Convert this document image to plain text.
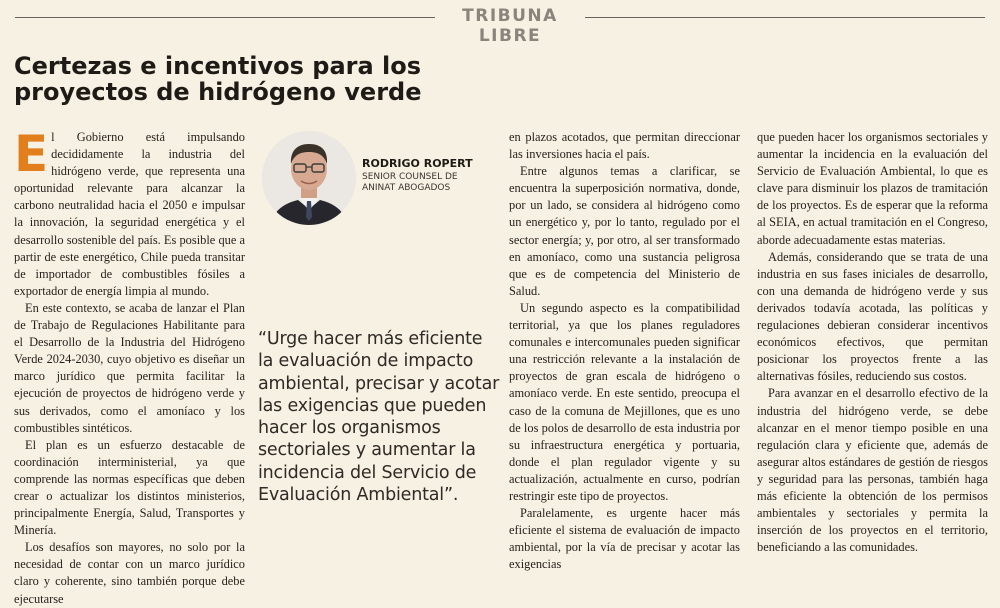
TRIBUNA LIBRE
Certezas e incentivos para los proyectos de hidrógeno verde

El Gobierno está impulsando decididamente la industria del hidrógeno verde, que representa una oportunidad relevante para alcanzar la carbono neutralidad hacia el 2050 e impulsar la innovación, la seguridad energética y el desarrollo sostenible del país. Es posible que a partir de este energético, Chile pueda transitar de importador de combustibles fósiles a exportador de energía limpia al mundo.

En este contexto, se acaba de lanzar el Plan de Trabajo de Regulaciones Habilitante para el Desarrollo de la Industria del Hidrógeno Verde 2024-2030, cuyo objetivo es diseñar un marco jurídico que permita facilitar la ejecución de proyectos de hidrógeno verde y sus derivados, como el amoníaco y los combustibles sintéticos.

El plan es un esfuerzo destacable de coordinación interministerial, ya que comprende las normas específicas que deben crear o actualizar los distintos ministerios, principalmente Energía, Salud, Transportes y Minería.

Los desafíos son mayores, no solo por la necesidad de contar con un marco jurídico claro y coherente, sino también porque debe ejecutarse

RODRIGO ROPERT
SENIOR COUNSEL DE ANINAT ABOGADOS
“Urge hacer más eficiente
la evaluación de impacto
ambiental, precisar y acotar
las exigencias que pueden
hacer los organismos
sectoriales y aumentar la
incidencia del Servicio de
Evaluación Ambiental”.

en plazos acotados, que permitan direccionar las inversiones hacia el país.

Entre algunos temas a clarificar, se encuentra la superposición normativa, donde, por un lado, se considera al hidrógeno como un energético y, por lo tanto, regulado por el sector energía; y, por otro, al ser transformado en amoníaco, como una sustancia peligrosa que es de competencia del Ministerio de Salud.

Un segundo aspecto es la compatibilidad territorial, ya que los planes reguladores comunales e intercomunales pueden significar una restricción relevante a la instalación de proyectos de gran escala de hidrógeno o amoníaco verde. En este sentido, preocupa el caso de la comuna de Mejillones, que es uno de los polos de desarrollo de esta industria por su infraestructura energética y portuaria, donde el plan regulador vigente y su actualización, actualmente en curso, podrían restringir este tipo de proyectos.

Paralelamente, es urgente hacer más eficiente el sistema de evaluación de impacto ambiental, por la vía de precisar y acotar las exigencias

que pueden hacer los organismos sectoriales y aumentar la incidencia en la evaluación del Servicio de Evaluación Ambiental, lo que es clave para disminuir los plazos de tramitación de los proyectos. Es de esperar que la reforma al SEIA, en actual tramitación en el Congreso, aborde adecuadamente estas materias.

Además, considerando que se trata de una industria en sus fases iniciales de desarrollo, con una demanda de hidrógeno verde y sus derivados todavía acotada, las políticas y regulaciones debieran considerar incentivos económicos efectivos, que permitan posicionar los proyectos frente a las alternativas fósiles, reduciendo sus costos.

Para avanzar en el desarrollo efectivo de la industria del hidrógeno verde, se debe alcanzar en el menor tiempo posible en una regulación clara y eficiente que, además de asegurar altos estándares de gestión de riesgos y seguridad para las personas, también haga más eficiente la obtención de los permisos ambientales y sectoriales y permita la inserción de los proyectos en el territorio, beneficiando a las comunidades.
